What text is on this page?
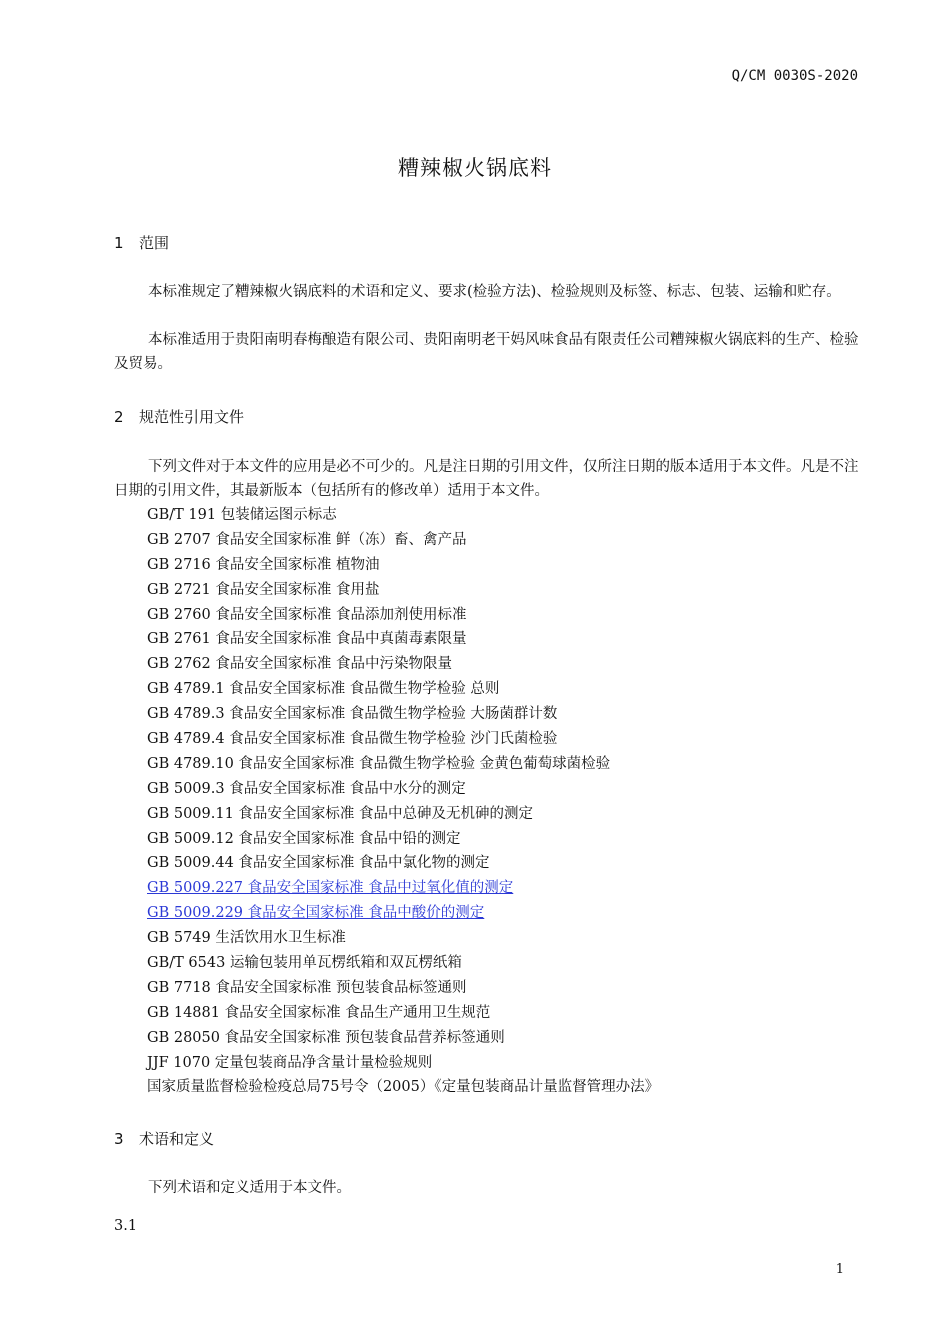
Q/CM 0030S-2020
糟辣椒火锅底料
1 范围
本标准规定了糟辣椒火锅底料的术语和定义、要求(检验方法)、检验规则及标签、标志、包装、运输和贮存。
本标准适用于贵阳南明春梅酿造有限公司、贵阳南明老干妈风味食品有限责任公司糟辣椒火锅底料的生产、检验及贸易。
2 规范性引用文件
下列文件对于本文件的应用是必不可少的。凡是注日期的引用文件，仅所注日期的版本适用于本文件。凡是不注日期的引用文件，其最新版本（包括所有的修改单）适用于本文件。
GB/T 191 包装储运图示标志
GB 2707 食品安全国家标准 鲜（冻）畜、禽产品
GB 2716 食品安全国家标准 植物油
GB 2721 食品安全国家标准 食用盐
GB 2760 食品安全国家标准 食品添加剂使用标准
GB 2761 食品安全国家标准 食品中真菌毒素限量
GB 2762 食品安全国家标准 食品中污染物限量
GB 4789.1 食品安全国家标准 食品微生物学检验 总则
GB 4789.3 食品安全国家标准 食品微生物学检验 大肠菌群计数
GB 4789.4 食品安全国家标准 食品微生物学检验 沙门氏菌检验
GB 4789.10 食品安全国家标准 食品微生物学检验 金黄色葡萄球菌检验
GB 5009.3 食品安全国家标准 食品中水分的测定
GB 5009.11 食品安全国家标准 食品中总砷及无机砷的测定
GB 5009.12 食品安全国家标准 食品中铅的测定
GB 5009.44 食品安全国家标准 食品中氯化物的测定
GB 5009.227 食品安全国家标准 食品中过氧化值的测定
GB 5009.229 食品安全国家标准 食品中酸价的测定
GB 5749 生活饮用水卫生标准
GB/T 6543 运输包装用单瓦楞纸箱和双瓦楞纸箱
GB 7718 食品安全国家标准 预包装食品标签通则
GB 14881 食品安全国家标准 食品生产通用卫生规范
GB 28050 食品安全国家标准 预包装食品营养标签通则
JJF 1070 定量包装商品净含量计量检验规则
国家质量监督检验检疫总局75号令（2005）《定量包装商品计量监督管理办法》
3 术语和定义
下列术语和定义适用于本文件。
3.1
1
